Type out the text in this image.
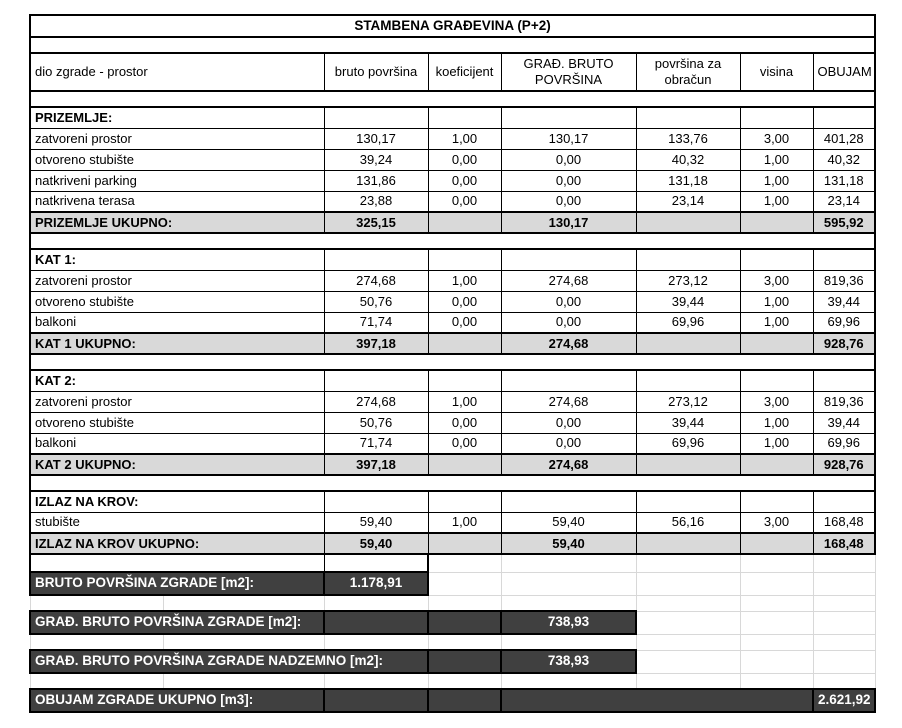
STAMBENA GRAĐEVINA (P+2)							

dio zgrade - prostor		bruto površina	koeficijent	GRAĐ. BRUTO POVRŠINA	površina za obračun	visina	OBUJAM

PRIZEMLJE:							
zatvoreni prostor		130,17	1,00	130,17	133,76	3,00	401,28
otvoreno stubište		39,24	0,00	0,00	40,32	1,00	40,32
natkriveni parking		131,86	0,00	0,00	131,18	1,00	131,18
natkrivena terasa		23,88	0,00	0,00	23,14	1,00	23,14
PRIZEMLJE UKUPNO:		325,15		130,17			595,92

KAT 1:							
zatvoreni prostor		274,68	1,00	274,68	273,12	3,00	819,36
otvoreno stubište		50,76	0,00	0,00	39,44	1,00	39,44
balkoni		71,74	0,00	0,00	69,96	1,00	69,96
KAT 1 UKUPNO:		397,18		274,68			928,76

KAT 2:							
zatvoreni prostor		274,68	1,00	274,68	273,12	3,00	819,36
otvoreno stubište		50,76	0,00	0,00	39,44	1,00	39,44
balkoni		71,74	0,00	0,00	69,96	1,00	69,96
KAT 2 UKUPNO:		397,18		274,68			928,76

IZLAZ NA KROV:							
stubište		59,40	1,00	59,40	56,16	3,00	168,48
IZLAZ NA KROV UKUPNO:		59,40		59,40			168,48

BRUTO POVRŠINA ZGRADE [m2]:		1.178,91					

GRAĐ. BRUTO POVRŠINA ZGRADE [m2]:				738,93			

GRAĐ. BRUTO POVRŠINA ZGRADE NADZEMNO [m2]:				738,93			

OBUJAM ZGRADE UKUPNO [m3]:							2.621,92
